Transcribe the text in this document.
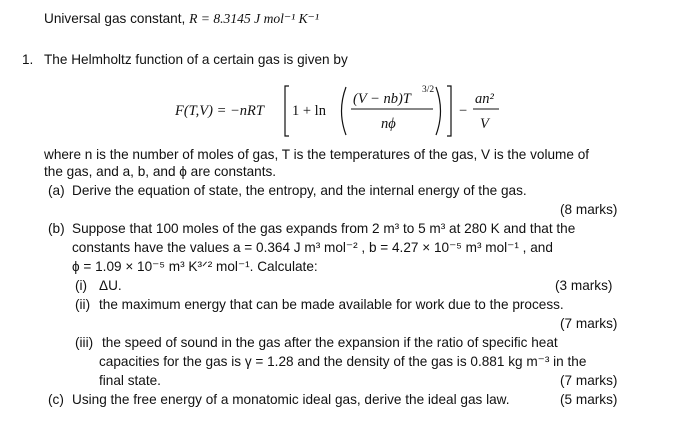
Universal gas constant, R = 8.3145 J mol⁻¹ K⁻¹
1. The Helmholtz function of a certain gas is given by
F(T,V) = −nRT 1 + ln
(V − nb)T
3/2
nϕ
−
an²
V
where n is the number of moles of gas, T is the temperatures of the gas, V is the volume of
the gas, and a, b, and ϕ are constants.
(a) Derive the equation of state, the entropy, and the internal energy of the gas.
(8 marks)
(b) Suppose that 100 moles of the gas expands from 2 m³ to 5 m³ at 280 K and that the
constants have the values a = 0.364 J m³ mol⁻² , b = 4.27 × 10⁻⁵ m³ mol⁻¹ , and
ϕ = 1.09 × 10⁻⁵ m³ K³ᐟ² mol⁻¹. Calculate:
(i) ΔU.	(3 marks)
(ii) the maximum energy that can be made available for work due to the process.
(7 marks)
(iii) the speed of sound in the gas after the expansion if the ratio of specific heat
capacities for the gas is γ = 1.28 and the density of the gas is 0.881 kg m⁻³ in the
final state.	(7 marks)
(c) Using the free energy of a monatomic ideal gas, derive the ideal gas law.	(5 marks)
